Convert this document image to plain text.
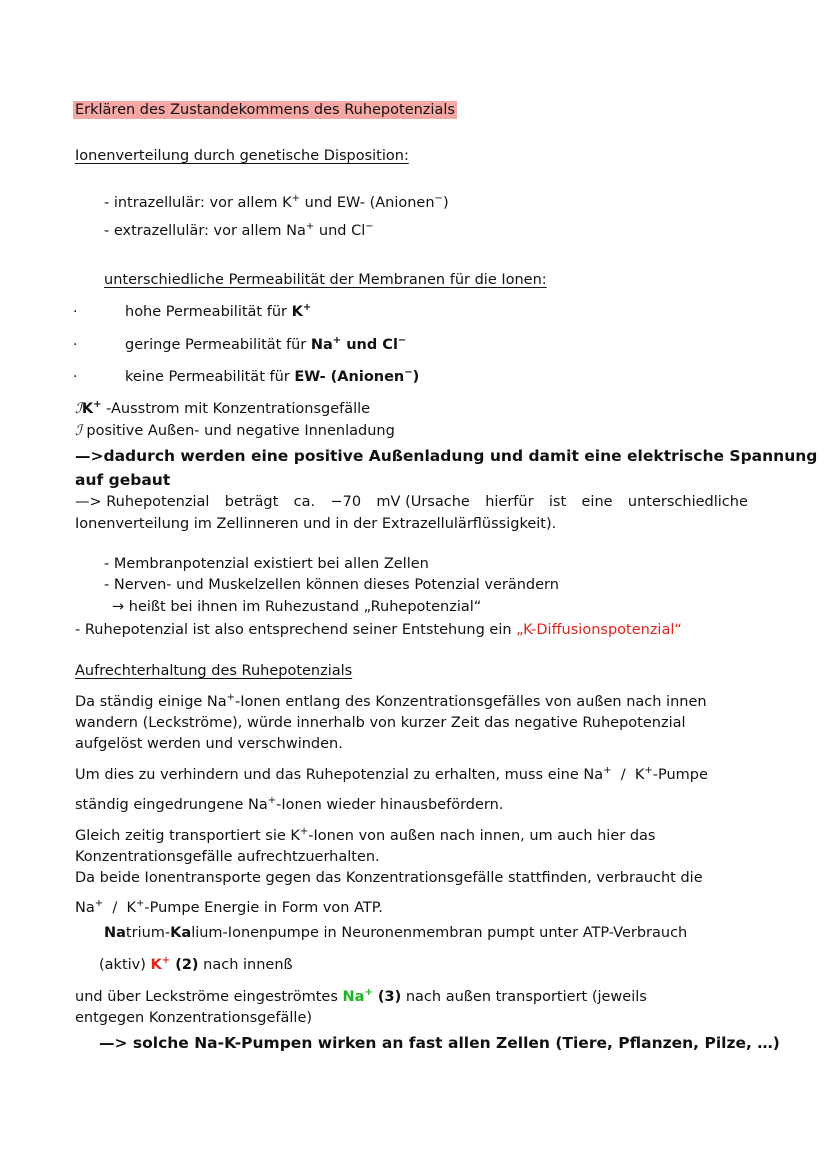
Erklären des Zustandekommens des Ruhepotenzials
Ionenverteilung durch genetische Disposition:
- intrazellulär: vor allem K+ und EW- (Anionen−)
- extrazellulär: vor allem Na+ und Cl−
unterschiedliche Permeabilität der Membranen für die Ionen:
·	hohe Permeabilität für K+
·	geringe Permeabilität für Na+ und Cl−
·	keine Permeabilität für EW- (Anionen−)
ℐK+ -Ausstrom mit Konzentrationsgefälle
ℐ positive Außen- und negative Innenladung
—>dadurch werden eine positive Außenladung und damit eine elektrische Spannung
auf gebaut
—> Ruhepotenzial beträgt ca. −70 mV (Ursache hierfür ist eine unterschiedliche
Ionenverteilung im Zellinneren und in der Extrazellulärflüssigkeit).
- Membranpotenzial existiert bei allen Zellen
- Nerven- und Muskelzellen können dieses Potenzial verändern
→ heißt bei ihnen im Ruhezustand „Ruhepotenzial“
- Ruhepotenzial ist also entsprechend seiner Entstehung ein „K-Diffusionspotenzial“
Aufrechterhaltung des Ruhepotenzials
Da ständig einige Na+-Ionen entlang des Konzentrationsgefälles von außen nach innen
wandern (Leckströme), würde innerhalb von kurzer Zeit das negative Ruhepotenzial
aufgelöst werden und verschwinden.
Um dies zu verhindern und das Ruhepotenzial zu erhalten, muss eine Na+  /  K+-Pumpe
ständig eingedrungene Na+-Ionen wieder hinausbefördern.
Gleich zeitig transportiert sie K+-Ionen von außen nach innen, um auch hier das
Konzentrationsgefälle aufrechtzuerhalten.
Da beide Ionentransporte gegen das Konzentrationsgefälle stattfinden, verbraucht die
Na+  /  K+-Pumpe Energie in Form von ATP.
Natrium-Kalium-Ionenpumpe in Neuronenmembran pumpt unter ATP-Verbrauch
(aktiv) K+ (2) nach innenß
und über Leckströme eingeströmtes Na+ (3) nach außen transportiert (jeweils
entgegen Konzentrationsgefälle)
—> solche Na-K-Pumpen wirken an fast allen Zellen (Tiere, Pflanzen, Pilze, …)
